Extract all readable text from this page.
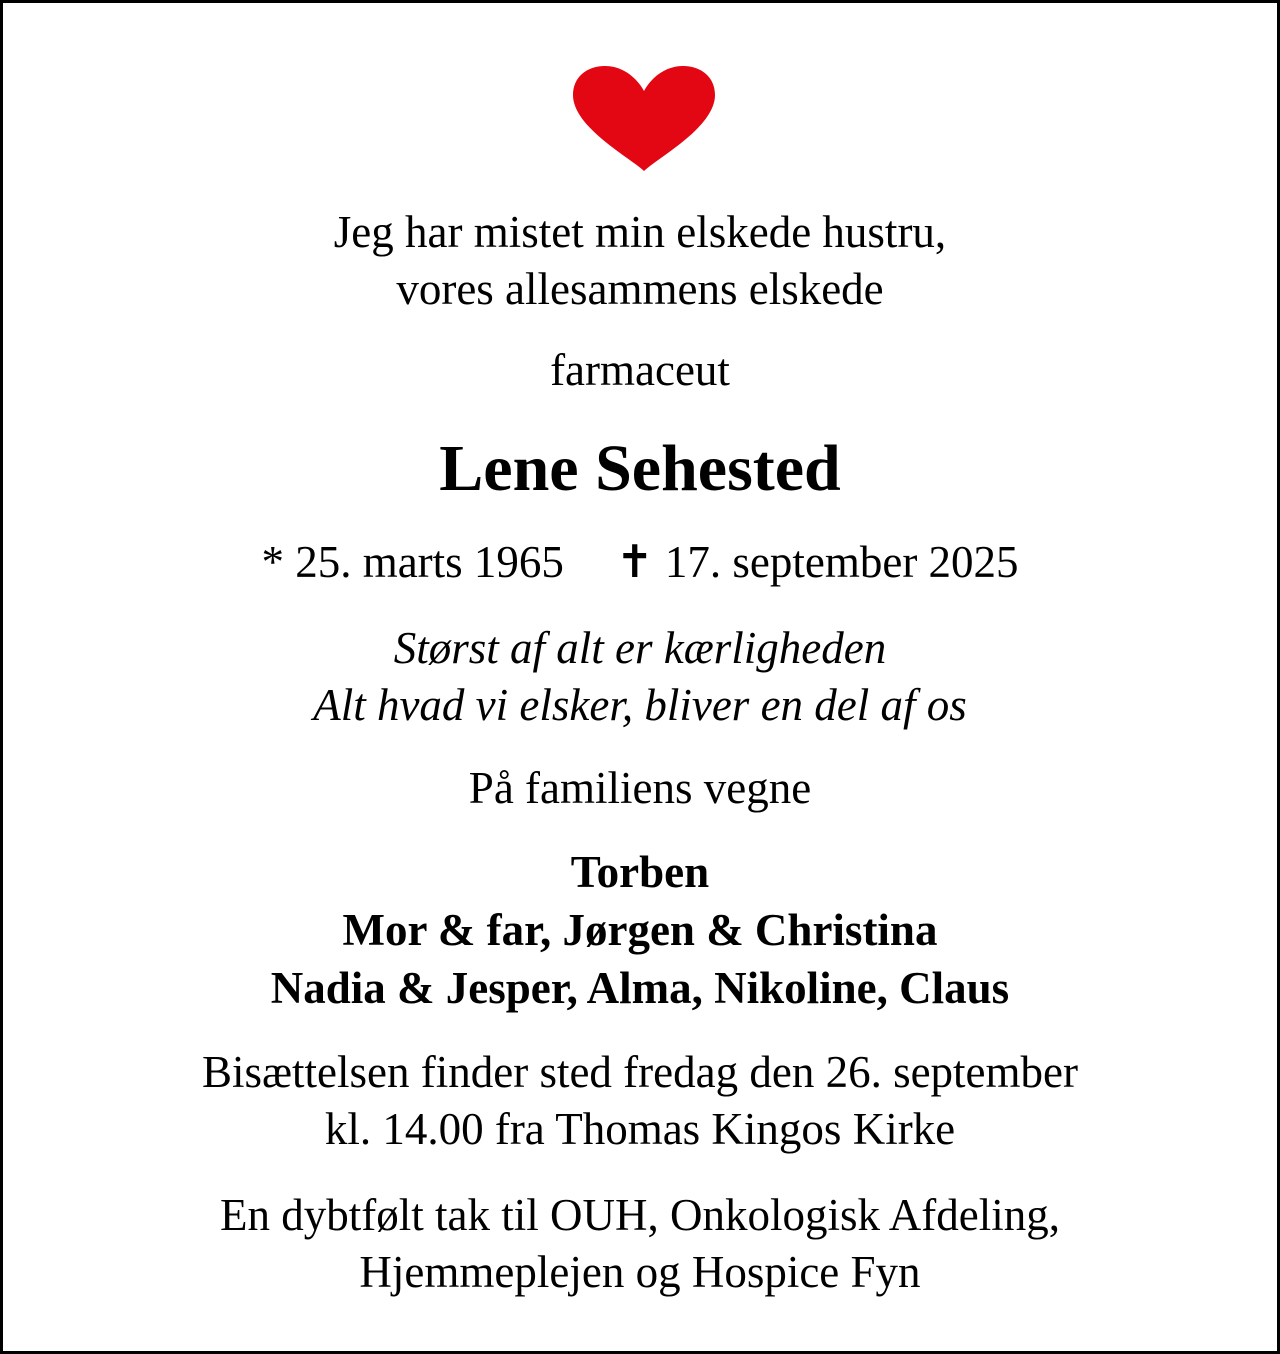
Jeg har mistet min elskede hustru,
vores allesammens elskede
farmaceut
Lene Sehested
* 25. marts 1965 ✝ 17. september 2025
Størst af alt er kærligheden
Alt hvad vi elsker, bliver en del af os
På familiens vegne
Torben
Mor & far, Jørgen & Christina
Nadia & Jesper, Alma, Nikoline, Claus
Bisættelsen finder sted fredag den 26. september
kl. 14.00 fra Thomas Kingos Kirke
En dybtfølt tak til OUH, Onkologisk Afdeling,
Hjemmeplejen og Hospice Fyn
